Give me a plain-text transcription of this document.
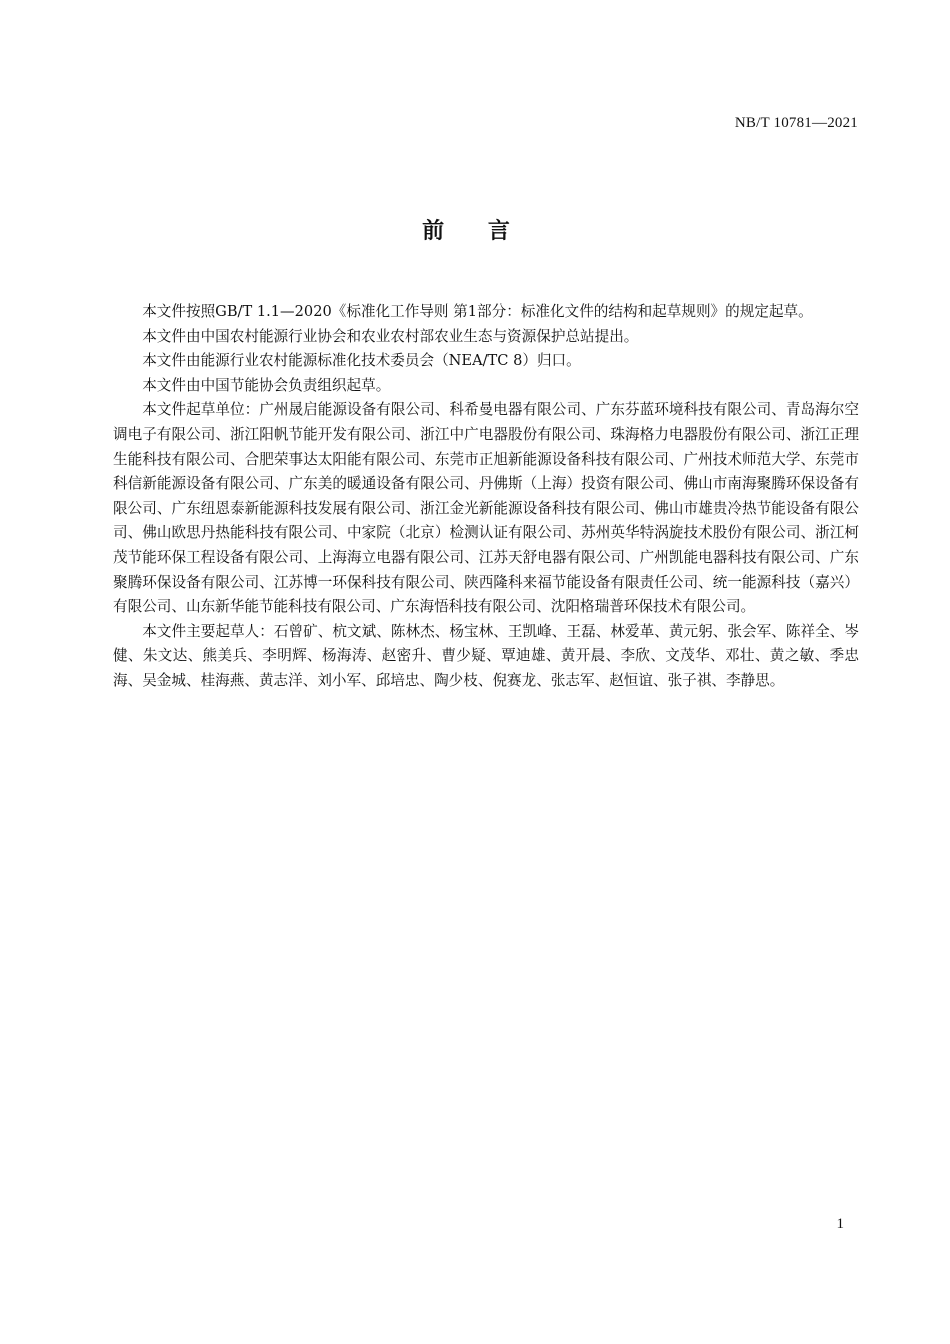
NB/T 10781—2021
前 言

本文件按照GB/T 1.1—2020《标准化工作导则 第1部分：标准化文件的结构和起草规则》的规定起草。

本文件由中国农村能源行业协会和农业农村部农业生态与资源保护总站提出。

本文件由能源行业农村能源标准化技术委员会（NEA/TC 8）归口。

本文件由中国节能协会负责组织起草。

本文件起草单位：广州晟启能源设备有限公司、科希曼电器有限公司、广东芬蓝环境科技有限公司、青岛海尔空调电子有限公司、浙江阳帆节能开发有限公司、浙江中广电器股份有限公司、珠海格力电器股份有限公司、浙江正理生能科技有限公司、合肥荣事达太阳能有限公司、东莞市正旭新能源设备科技有限公司、广州技术师范大学、东莞市科信新能源设备有限公司、广东美的暖通设备有限公司、丹佛斯（上海）投资有限公司、佛山市南海聚腾环保设备有限公司、广东纽恩泰新能源科技发展有限公司、浙江金光新能源设备科技有限公司、佛山市雄贵冷热节能设备有限公司、佛山欧思丹热能科技有限公司、中家院（北京）检测认证有限公司、苏州英华特涡旋技术股份有限公司、浙江柯茂节能环保工程设备有限公司、上海海立电器有限公司、江苏天舒电器有限公司、广州凯能电器科技有限公司、广东聚腾环保设备有限公司、江苏博一环保科技有限公司、陕西隆科来福节能设备有限责任公司、统一能源科技（嘉兴）有限公司、山东新华能节能科技有限公司、广东海悟科技有限公司、沈阳格瑞普环保技术有限公司。

本文件主要起草人：石曾矿、杭文斌、陈林杰、杨宝林、王凯峰、王磊、林爱革、黄元躬、张会军、陈祥全、岑健、朱文达、熊美兵、李明辉、杨海涛、赵密升、曹少疑、覃迪雄、黄开晨、李欣、文茂华、邓壮、黄之敏、季忠海、吴金城、桂海燕、黄志洋、刘小军、邱培忠、陶少枝、倪赛龙、张志军、赵恒谊、张子祺、李静思。

1
